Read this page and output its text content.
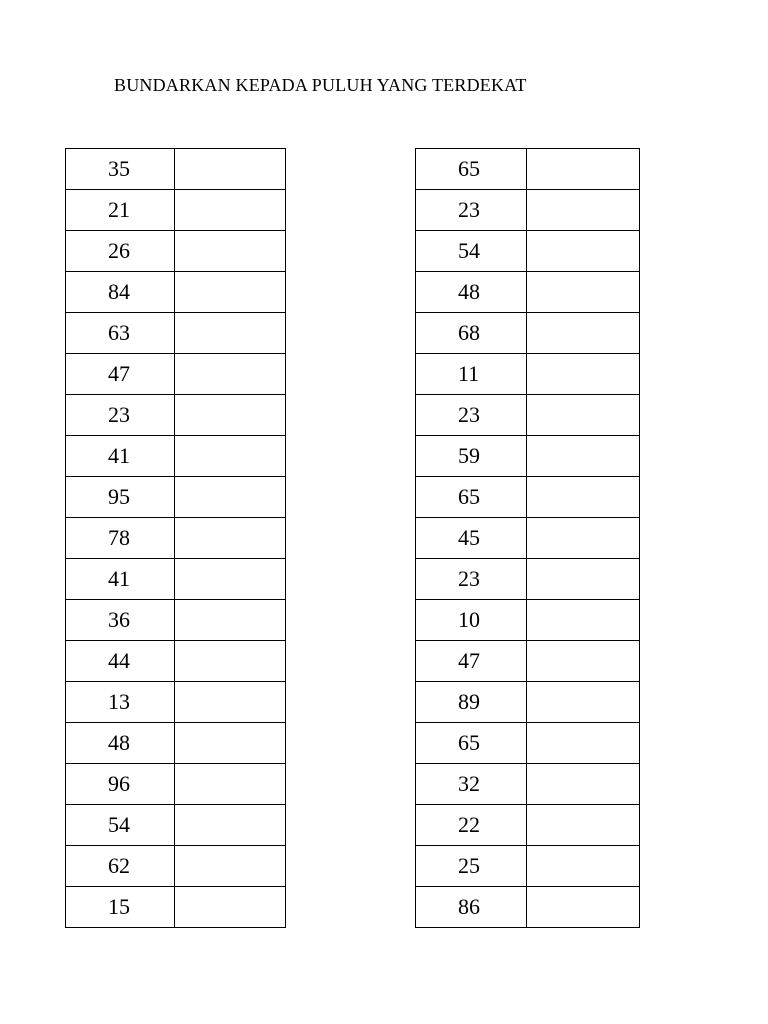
BUNDARKAN KEPADA PULUH YANG TERDEKAT
35	
21	
26	
84	
63	
47	
23	
41	
95	
78	
41	
36	
44	
13	
48	
96	
54	
62	
15	
65	
23	
54	
48	
68	
11	
23	
59	
65	
45	
23	
10	
47	
89	
65	
32	
22	
25	
86	
